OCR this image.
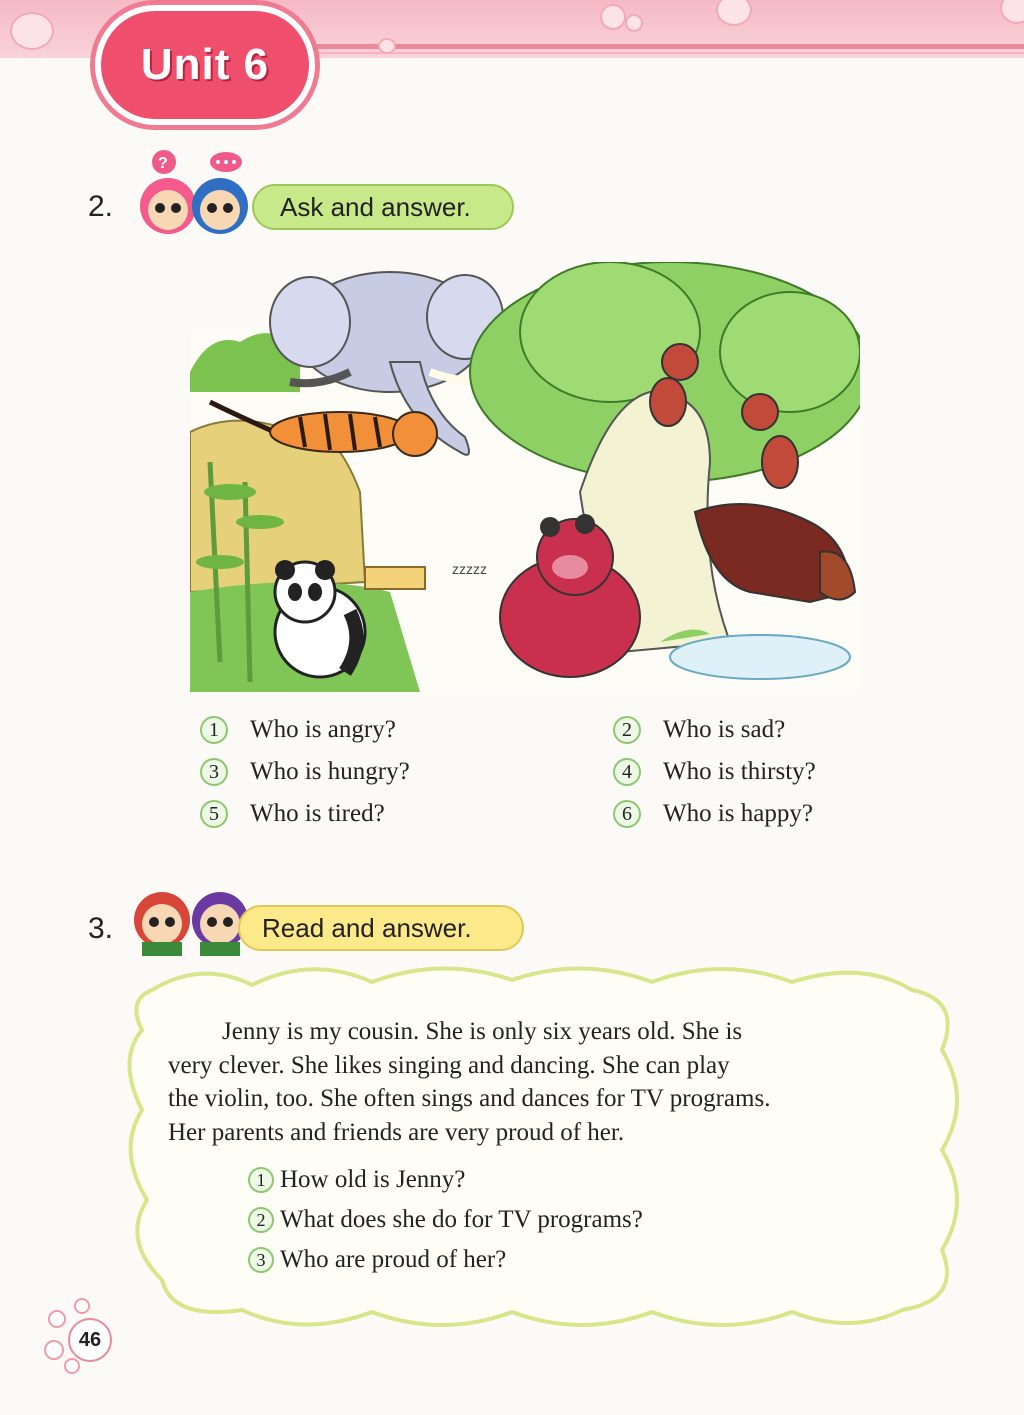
Unit 6
2.
?
Ask and answer.
zzzzz
1	Who is angry?	2	Who is sad?
3	Who is hungry?	4	Who is thirsty?
5	Who is tired?	6	Who is happy?
3.	Read and answer.
Jenny is my cousin. She is only six years old. She is
very clever. She likes singing and dancing. She can play
the violin, too. She often sings and dances for TV programs.
Her parents and friends are very proud of her.
1 How old is Jenny?
2 What does she do for TV programs?
3 Who are proud of her?
46
